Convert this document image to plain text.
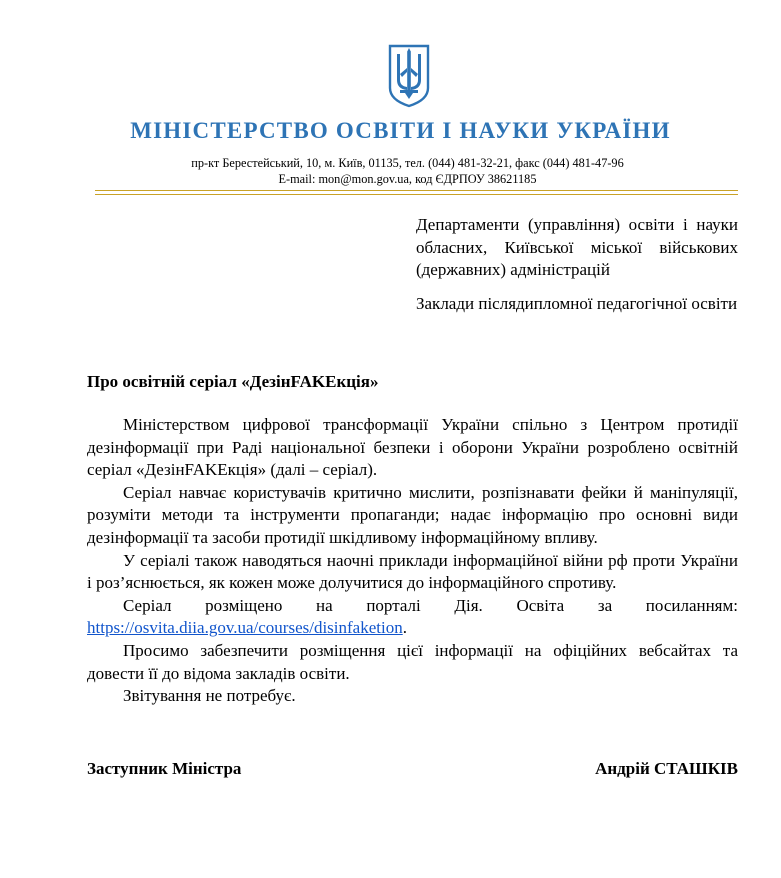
МІНІСТЕРСТВО ОСВІТИ І НАУКИ УКРАЇНИ
пр-кт Берестейський, 10, м. Київ, 01135, тел. (044) 481-32-21, факс (044) 481-47-96
E-mail: mon@mon.gov.ua, код ЄДРПОУ 38621185

Департаменти (управління) освіти і науки обласних, Київської міської військових (державних) адміністрацій

Заклади післядипломної педагогічної освіти

Про освітній серіал «ДезінFAKEкція»

Міністерством цифрової трансформації України спільно з Центром протидії дезінформації при Раді національної безпеки і оборони України розроблено освітній серіал «ДезінFAKEкція» (далі – серіал).

Серіал навчає користувачів критично мислити, розпізнавати фейки й маніпуляції, розуміти методи та інструменти пропаганди; надає інформацію про основні види дезінформації та засоби протидії шкідливому інформаційному впливу.

У серіалі також наводяться наочні приклади інформаційної війни рф проти України і роз’яснюється, як кожен може долучитися до інформаційного спротиву.

Серіал розміщено на порталі Дія. Освіта за посиланням: https://osvita.diia.gov.ua/courses/disinfaketion.

Просимо забезпечити розміщення цієї інформації на офіційних вебсайтах та довести її до відома закладів освіти.

Звітування не потребує.

Заступник Міністра	Андрій СТАШКІВ
